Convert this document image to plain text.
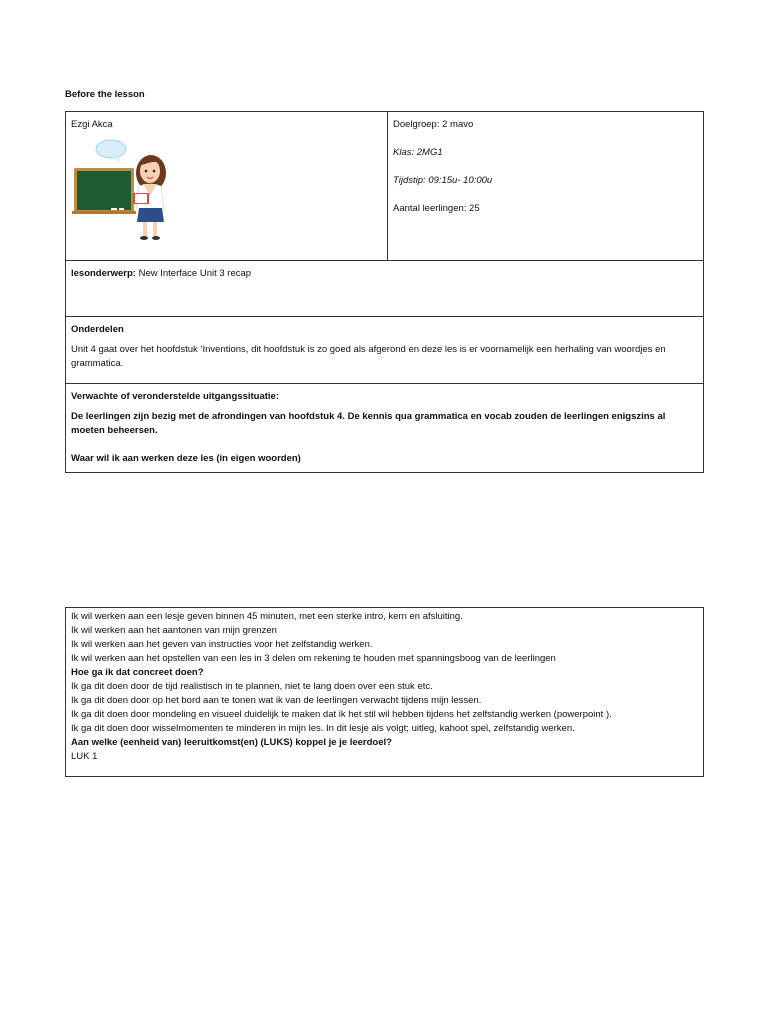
Before the lesson
Ezgi Akca	Doelgroep: 2 mavo
Klas: 2MG1
Tijdstip: 09:15u- 10:00u
Aantal leerlingen: 25

lesonderwerp: New Interface Unit 3 recap

Onderdelen
Unit 4 gaat over het hoofdstuk ‘Inventions, dit hoofdstuk is zo goed als afgerond en deze les is er voornamelijk een herhaling van woordjes en grammatica.

Verwachte of veronderstelde uitgangssituatie:
De leerlingen zijn bezig met de afrondingen van hoofdstuk 4. De kennis qua grammatica en vocab zouden de leerlingen enigszins al moeten beheersen.
Waar wil ik aan werken deze les (in eigen woorden)
Ik wil werken aan een lesje geven binnen 45 minuten, met een sterke intro, kern en afsluiting.
Ik wil werken aan het aantonen van mijn grenzen
Ik wil werken aan het geven van instructies voor het zelfstandig werken.
Ik wil werken aan het opstellen van een les in 3 delen om rekening te houden met spanningsboog van de leerlingen
Hoe ga ik dat concreet doen?
Ik ga dit doen door de tijd realistisch in te plannen, niet te lang doen over een stuk etc.
Ik ga dit doen door op het bord aan te tonen wat ik van de leerlingen verwacht tijdens mijn lessen.
Ik ga dit doen door mondeling en visueel duidelijk te maken dat ik het stil wil hebben tijdens het zelfstandig werken (powerpoint ).
Ik ga dit doen door wisselmomenten te minderen in mijn les. In dit lesje als volgt; uitleg, kahoot spel, zelfstandig werken.
Aan welke (eenheid van) leeruitkomst(en) (LUKS) koppel je je leerdoel?
LUK 1
